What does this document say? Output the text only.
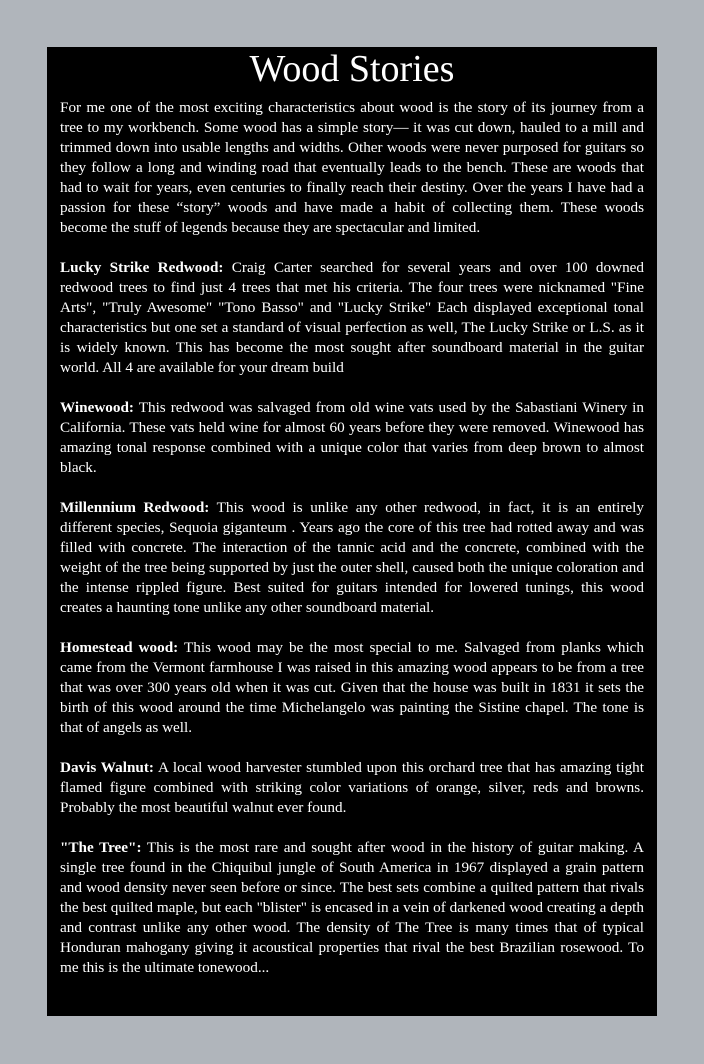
Wood Stories

For me one of the most exciting characteristics about wood is the story of its journey from a tree to my workbench. Some wood has a simple story— it was cut down, hauled to a mill and trimmed down into usable lengths and widths. Other woods were never purposed for guitars so they follow a long and winding road that eventually leads to the bench. These are woods that had to wait for years, even centuries to finally reach their destiny. Over the years I have had a passion for these “story” woods and have made a habit of collecting them. These woods become the stuff of legends because they are spectacular and limited.

Lucky Strike Redwood: Craig Carter searched for several years and over 100 downed redwood trees to find just 4 trees that met his criteria. The four trees were nicknamed "Fine Arts", "Truly Awesome" "Tono Basso" and "Lucky Strike" Each displayed exceptional tonal characteristics but one set a standard of visual perfection as well, The Lucky Strike or L.S. as it is widely known. This has become the most sought after soundboard material in the guitar world. All 4 are available for your dream build

Winewood: This redwood was salvaged from old wine vats used by the Sabastiani Winery in California. These vats held wine for almost 60 years before they were removed. Winewood has amazing tonal response combined with a unique color that varies from deep brown to almost black.

Millennium Redwood: This wood is unlike any other redwood, in fact, it is an entirely different species, Sequoia giganteum . Years ago the core of this tree had rotted away and was filled with concrete. The interaction of the tannic acid and the concrete, combined with the weight of the tree being supported by just the outer shell, caused both the unique coloration and the intense rippled figure. Best suited for guitars intended for lowered tunings, this wood creates a haunting tone unlike any other soundboard material.

Homestead wood: This wood may be the most special to me. Salvaged from planks which came from the Vermont farmhouse I was raised in this amazing wood appears to be from a tree that was over 300 years old when it was cut. Given that the house was built in 1831 it sets the birth of this wood around the time Michelangelo was painting the Sistine chapel. The tone is that of angels as well.

Davis Walnut: A local wood harvester stumbled upon this orchard tree that has amazing tight flamed figure combined with striking color variations of orange, silver, reds and browns. Probably the most beautiful walnut ever found.

"The Tree": This is the most rare and sought after wood in the history of guitar making. A single tree found in the Chiquibul jungle of South America in 1967 displayed a grain pattern and wood density never seen before or since. The best sets combine a quilted pattern that rivals the best quilted maple, but each "blister" is encased in a vein of darkened wood creating a depth and contrast unlike any other wood. The density of The Tree is many times that of typical Honduran mahogany giving it acoustical properties that rival the best Brazilian rosewood. To me this is the ultimate tonewood...
